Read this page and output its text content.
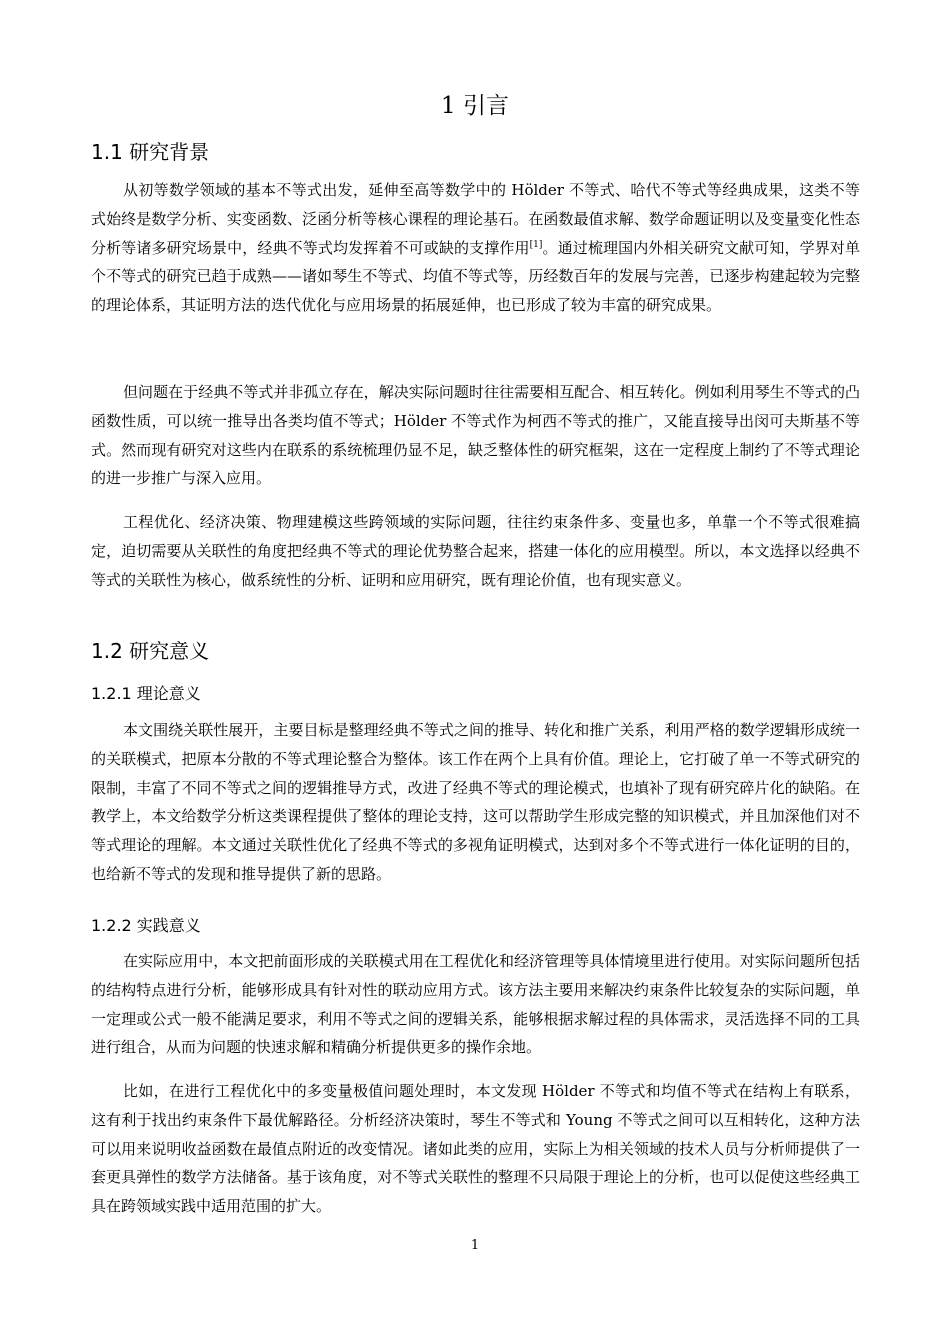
1 引言
1.1 研究背景
从初等数学领域的基本不等式出发，延伸至高等数学中的 Hölder 不等式、哈代不等式等经典成果，这类不等式始终是数学分析、实变函数、泛函分析等核心课程的理论基石。在函数最值求解、数学命题证明以及变量变化性态分析等诸多研究场景中，经典不等式均发挥着不可或缺的支撑作用[1]。通过梳理国内外相关研究文献可知，学界对单个不等式的研究已趋于成熟——诸如琴生不等式、均值不等式等，历经数百年的发展与完善，已逐步构建起较为完整的理论体系，其证明方法的迭代优化与应用场景的拓展延伸，也已形成了较为丰富的研究成果。
但问题在于经典不等式并非孤立存在，解决实际问题时往往需要相互配合、相互转化。例如利用琴生不等式的凸函数性质，可以统一推导出各类均值不等式；Hölder 不等式作为柯西不等式的推广，又能直接导出闵可夫斯基不等式。然而现有研究对这些内在联系的系统梳理仍显不足，缺乏整体性的研究框架，这在一定程度上制约了不等式理论的进一步推广与深入应用。
工程优化、经济决策、物理建模这些跨领域的实际问题，往往约束条件多、变量也多，单靠一个不等式很难搞定，迫切需要从关联性的角度把经典不等式的理论优势整合起来，搭建一体化的应用模型。所以，本文选择以经典不等式的关联性为核心，做系统性的分析、证明和应用研究，既有理论价值，也有现实意义。
1.2 研究意义
1.2.1 理论意义
本文围绕关联性展开，主要目标是整理经典不等式之间的推导、转化和推广关系，利用严格的数学逻辑形成统一的关联模式，把原本分散的不等式理论整合为整体。该工作在两个上具有价值。理论上，它打破了单一不等式研究的限制，丰富了不同不等式之间的逻辑推导方式，改进了经典不等式的理论模式，也填补了现有研究碎片化的缺陷。在教学上，本文给数学分析这类课程提供了整体的理论支持，这可以帮助学生形成完整的知识模式，并且加深他们对不等式理论的理解。本文通过关联性优化了经典不等式的多视角证明模式，达到对多个不等式进行一体化证明的目的，也给新不等式的发现和推导提供了新的思路。
1.2.2 实践意义
在实际应用中，本文把前面形成的关联模式用在工程优化和经济管理等具体情境里进行使用。对实际问题所包括的结构特点进行分析，能够形成具有针对性的联动应用方式。该方法主要用来解决约束条件比较复杂的实际问题，单一定理或公式一般不能满足要求，利用不等式之间的逻辑关系，能够根据求解过程的具体需求，灵活选择不同的工具进行组合，从而为问题的快速求解和精确分析提供更多的操作余地。
比如，在进行工程优化中的多变量极值问题处理时，本文发现 Hölder 不等式和均值不等式在结构上有联系，这有利于找出约束条件下最优解路径。分析经济决策时，琴生不等式和 Young 不等式之间可以互相转化，这种方法可以用来说明收益函数在最值点附近的改变情况。诸如此类的应用，实际上为相关领域的技术人员与分析师提供了一套更具弹性的数学方法储备。基于该角度，对不等式关联性的整理不只局限于理论上的分析，也可以促使这些经典工具在跨领域实践中适用范围的扩大。
1
